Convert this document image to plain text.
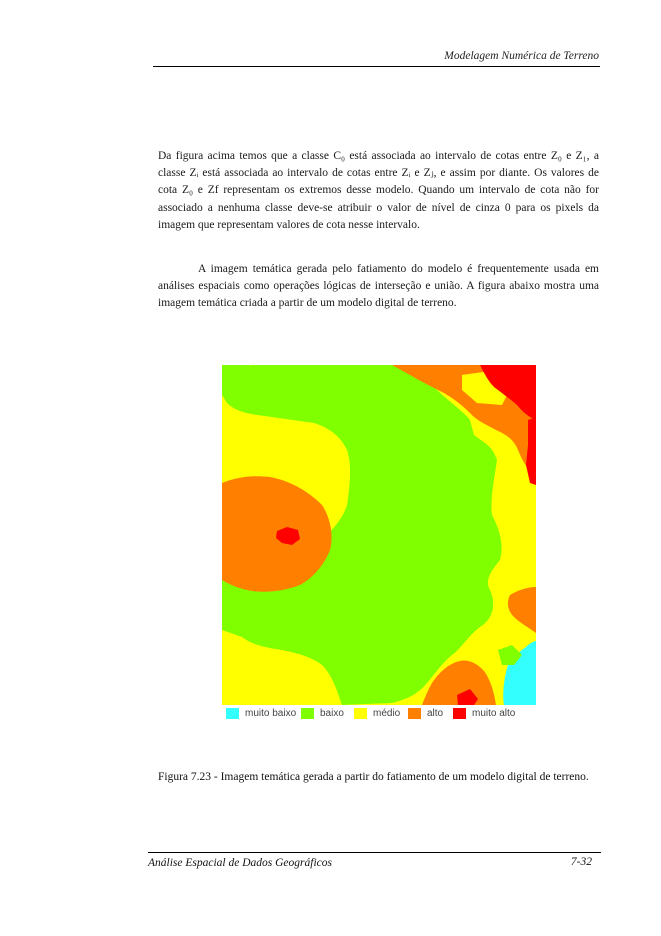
Modelagem Numérica de Terreno
Da figura acima temos que a classe C₀ está associada ao intervalo de cotas entre Z₀ e Z₁, a classe Zᵢ está associada ao intervalo de cotas entre Zᵢ e Zⱼ, e assim por diante. Os valores de cota Z₀ e Zf representam os extremos desse modelo. Quando um intervalo de cota não for associado a nenhuma classe deve-se atribuir o valor de nível de cinza 0 para os pixels da imagem que representam valores de cota nesse intervalo.
A imagem temática gerada pelo fatiamento do modelo é frequentemente usada em análises espaciais como operações lógicas de interseção e união. A figura abaixo mostra uma imagem temática criada a partir de um modelo digital de terreno.
muito baixo baixo	médio	alto	muito alto
Figura 7.23 - Imagem temática gerada a partir do fatiamento de um modelo digital de terreno.
Análise Espacial de Dados Geográficos	7-32
